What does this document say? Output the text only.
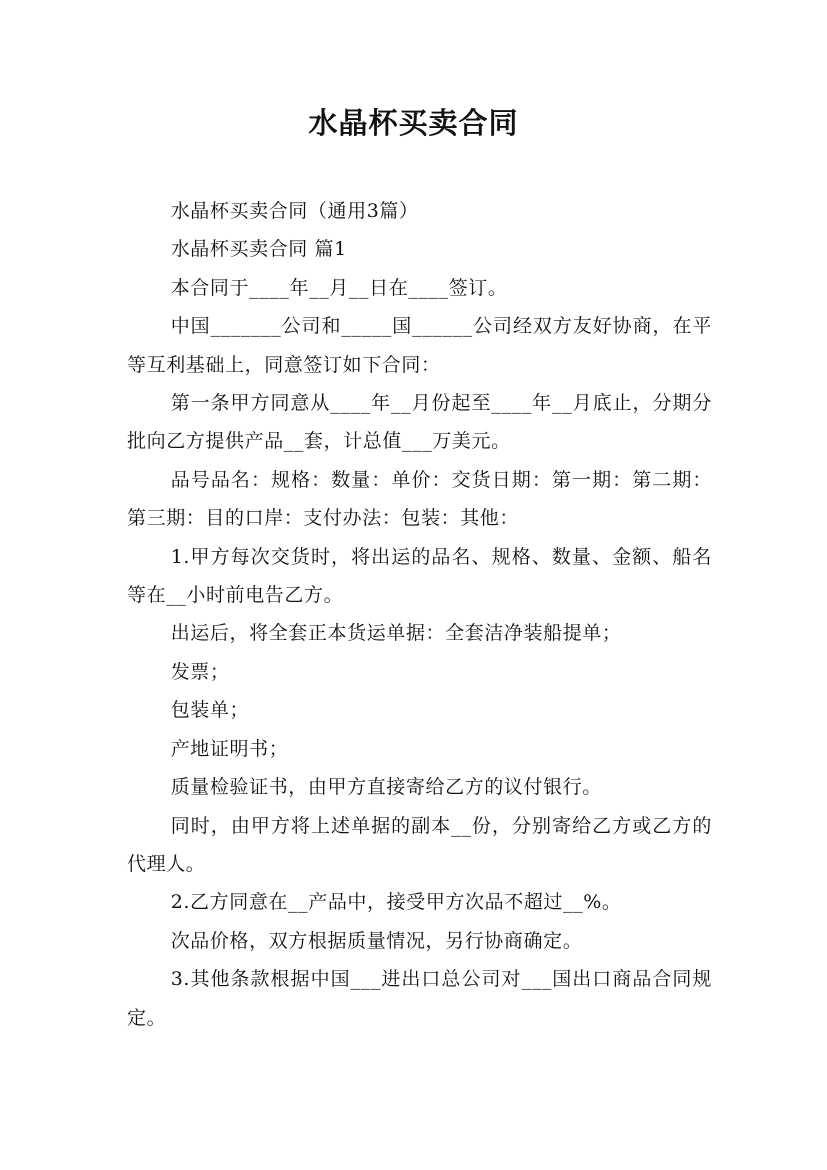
水晶杯买卖合同

水晶杯买卖合同（通用3篇）

水晶杯买卖合同 篇1

本合同于____年__月__日在____签订。

中国_______公司和_____国______公司经双方友好协商，在平等互利基础上，同意签订如下合同：

第一条甲方同意从____年__月份起至____年__月底止，分期分批向乙方提供产品__套，计总值___万美元。

品号品名：规格：数量：单价：交货日期：第一期：第二期：第三期：目的口岸：支付办法：包装：其他：

1.甲方每次交货时，将出运的品名、规格、数量、金额、船名等在__小时前电告乙方。

出运后，将全套正本货运单据：全套洁净装船提单；

发票；

包装单；

产地证明书；

质量检验证书，由甲方直接寄给乙方的议付银行。

同时，由甲方将上述单据的副本__份，分别寄给乙方或乙方的代理人。

2.乙方同意在__产品中，接受甲方次品不超过__%。

次品价格，双方根据质量情况，另行协商确定。

3.其他条款根据中国___进出口总公司对___国出口商品合同规定。
